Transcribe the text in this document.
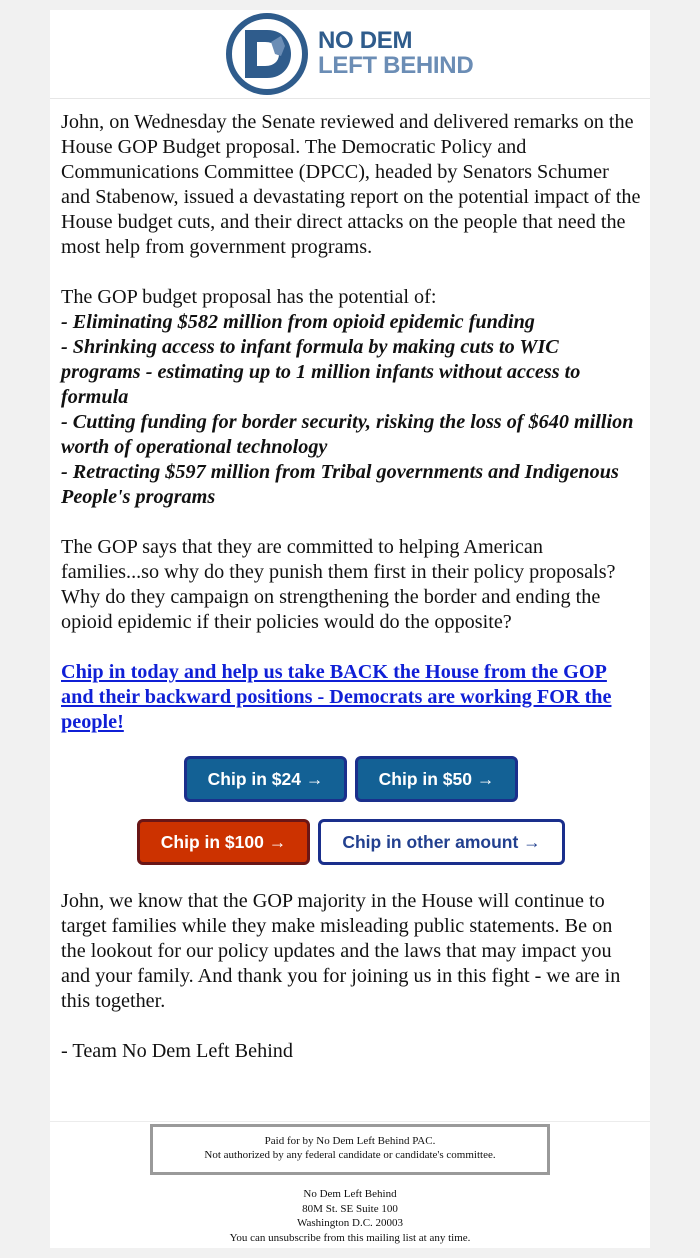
NO DEM
LEFT BEHIND

John, on Wednesday the Senate reviewed and delivered remarks on the House GOP Budget proposal. The Democratic Policy and Communications Committee (DPCC), headed by Senators Schumer and Stabenow, issued a devastating report on the potential impact of the House budget cuts, and their direct attacks on the people that need the most help from government programs.

The GOP budget proposal has the potential of:

- Eliminating $582 million from opioid epidemic funding
- Shrinking access to infant formula by making cuts to WIC programs - estimating up to 1 million infants without access to formula
- Cutting funding for border security, risking the loss of $640 million worth of operational technology
- Retracting $597 million from Tribal governments and Indigenous People's programs

The GOP says that they are committed to helping American families...so why do they punish them first in their policy proposals? Why do they campaign on strengthening the border and ending the opioid epidemic if their policies would do the opposite?

Chip in today and help us take BACK the House from the GOP and their backward positions - Democrats are working FOR the people!
Chip in $24 →	Chip in $50 →
Chip in $100 →	Chip in other amount →

John, we know that the GOP majority in the House will continue to target families while they make misleading public statements. Be on the lookout for our policy updates and the laws that may impact you and your family. And thank you for joining us in this fight - we are in this together.

- Team No Dem Left Behind

Paid for by No Dem Left Behind PAC.
Not authorized by any federal candidate or candidate's committee.
No Dem Left Behind
80M St. SE Suite 100
Washington D.C. 20003
You can unsubscribe from this mailing list at any time.
